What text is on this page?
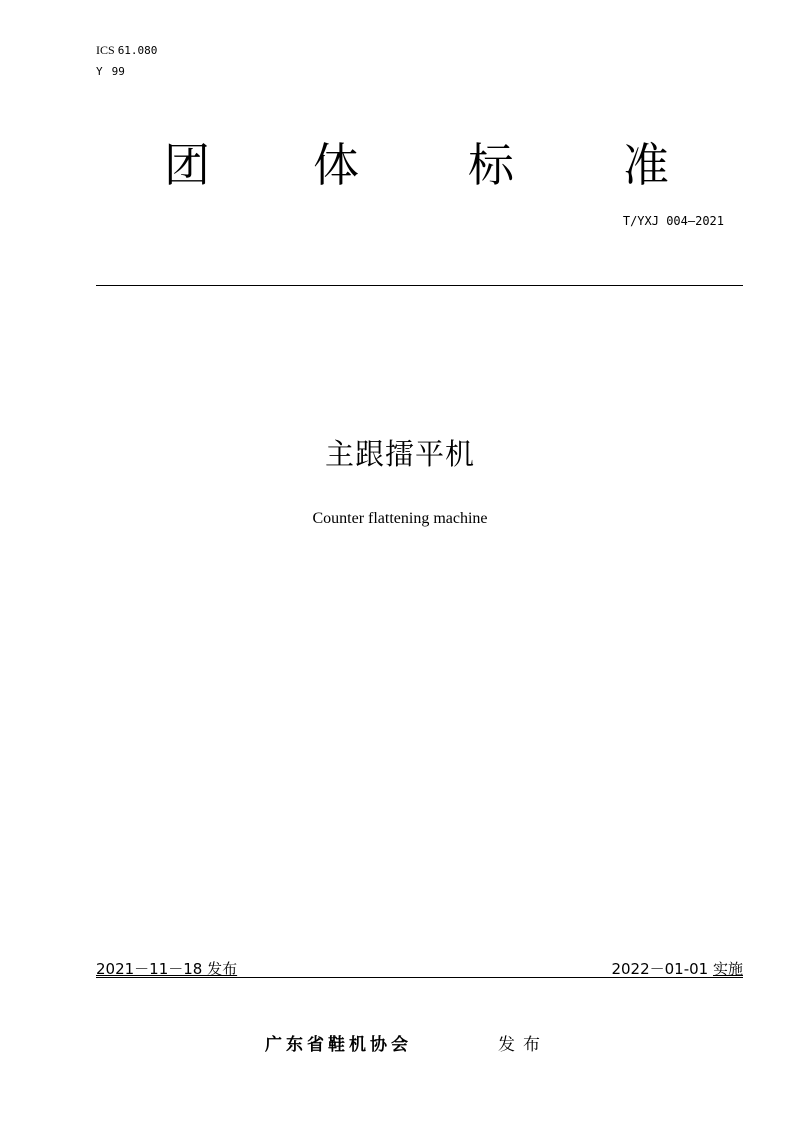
ICS 61.080
Y 99
团 体 标 准
T/YXJ 004—2021
主跟擂平机
Counter flattening machine
2021－11－18 发布	2022－01-01 实施
广东省鞋机协会	发布
